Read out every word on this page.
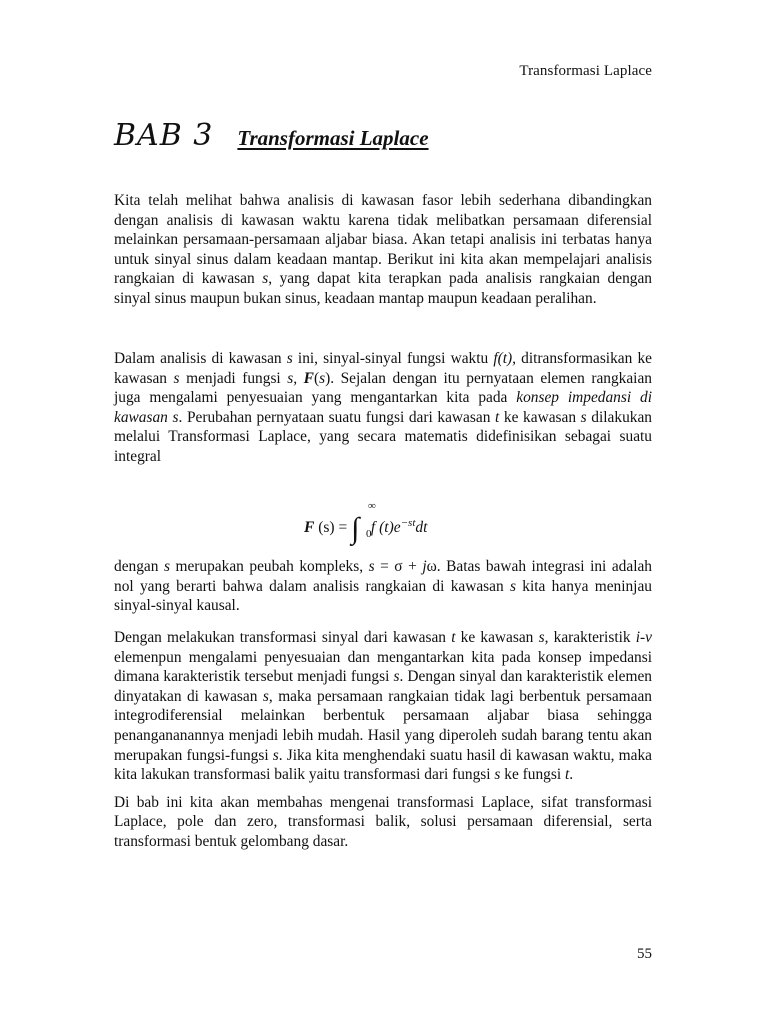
Transformasi Laplace
BAB 3 Transformasi Laplace

Kita telah melihat bahwa analisis di kawasan fasor lebih sederhana dibandingkan dengan analisis di kawasan waktu karena tidak melibatkan persamaan diferensial melainkan persamaan-persamaan aljabar biasa. Akan tetapi analisis ini terbatas hanya untuk sinyal sinus dalam keadaan mantap. Berikut ini kita akan mempelajari analisis rangkaian di kawasan s, yang dapat kita terapkan pada analisis rangkaian dengan sinyal sinus maupun bukan sinus, keadaan mantap maupun keadaan peralihan.

Dalam analisis di kawasan s ini, sinyal-sinyal fungsi waktu f(t), ditransformasikan ke kawasan s menjadi fungsi s, F(s). Sejalan dengan itu pernyataan elemen rangkaian juga mengalami penyesuaian yang mengantarkan kita pada konsep impedansi di kawasan s. Perubahan pernyataan suatu fungsi dari kawasan t ke kawasan s dilakukan melalui Transformasi Laplace, yang secara matematis didefinisikan sebagai suatu integral

F (s) = ∫
∞
0 f $(t)e^{-st}dt$

dengan s merupakan peubah kompleks, s = σ + jω. Batas bawah integrasi ini adalah nol yang berarti bahwa dalam analisis rangkaian di kawasan s kita hanya meninjau sinyal-sinyal kausal.

Dengan melakukan transformasi sinyal dari kawasan t ke kawasan s, karakteristik i-v elemenpun mengalami penyesuaian dan mengantarkan kita pada konsep impedansi dimana karakteristik tersebut menjadi fungsi s. Dengan sinyal dan karakteristik elemen dinyatakan di kawasan s, maka persamaan rangkaian tidak lagi berbentuk persamaan integrodiferensial melainkan berbentuk persamaan aljabar biasa sehingga penangananannya menjadi lebih mudah. Hasil yang diperoleh sudah barang tentu akan merupakan fungsi-fungsi s. Jika kita menghendaki suatu hasil di kawasan waktu, maka kita lakukan transformasi balik yaitu transformasi dari fungsi s ke fungsi t.

Di bab ini kita akan membahas mengenai transformasi Laplace, sifat transformasi Laplace, pole dan zero, transformasi balik, solusi persamaan diferensial, serta transformasi bentuk gelombang dasar.

55
